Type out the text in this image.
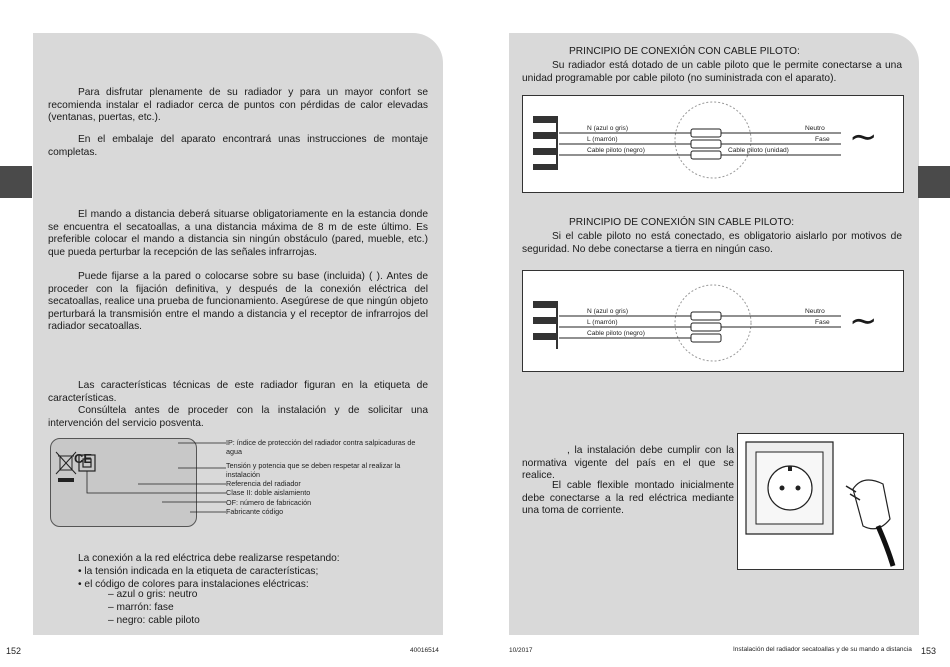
Para disfrutar plenamente de su radiador y para un mayor confort se recomienda instalar el radiador cerca de puntos con pérdidas de calor elevadas (ventanas, puertas, etc.).

En el embalaje del aparato encontrará unas instrucciones de montaje completas.

El mando a distancia deberá situarse obligatoriamente en la estancia donde se encuentra el secatoallas, a una distancia máxima de 8 m de este último. Es preferible colocar el mando a distancia sin ningún obstáculo (pared, mueble, etc.) que pueda perturbar la recepción de las señales infrarrojas.

Puede fijarse a la pared o colocarse sobre su base (incluida) ( ). Antes de proceder con la fijación definitiva, y después de la conexión eléctrica del secatoallas, realice una prueba de funcionamiento. Asegúrese de que ningún objeto perturbará la transmisión entre el mando a distancia y el receptor de infrarrojos del radiador secatoallas.

Las características técnicas de este radiador figuran en la etiqueta de características.

Consúltela antes de proceder con la instalación y de solicitar una intervención del servicio posventa.

CE
IP: índice de protección del radiador contra salpicaduras de agua
Tensión y potencia que se deben respetar al realizar la instalación
Referencia del radiador
Clase II: doble aislamiento
OF: número de fabricación
Fabricante código
La conexión a la red eléctrica debe realizarse respetando:
• la tensión indicada en la etiqueta de características;
• el código de colores para instalaciones eléctricas:
– azul o gris: neutro
– marrón: fase
– negro: cable piloto
152	40016514
PRINCIPIO DE CONEXIÓN CON CABLE PILOTO:

Su radiador está dotado de un cable piloto que le permite conectarse a una unidad programable por cable piloto (no suministrada con el aparato).

N (azul o gris)
L (marrón)
Cable piloto (negro)
Neutro
Fase
Cable piloto (unidad) ∼
PRINCIPIO DE CONEXIÓN SIN CABLE PILOTO:

Si el cable piloto no está conectado, es obligatorio aislarlo por motivos de seguridad. No debe conectarse a tierra en ningún caso.

N (azul o gris)
L (marrón)
Cable piloto (negro)
Neutro
Fase ∼

, la instalación debe cumplir con la normativa vigente del país en el que se realice.

El cable flexible montado inicialmente debe conectarse a la red eléctrica mediante una toma de corriente.

10/2017	Instalación del radiador secatoallas y de su mando a distancia 153
